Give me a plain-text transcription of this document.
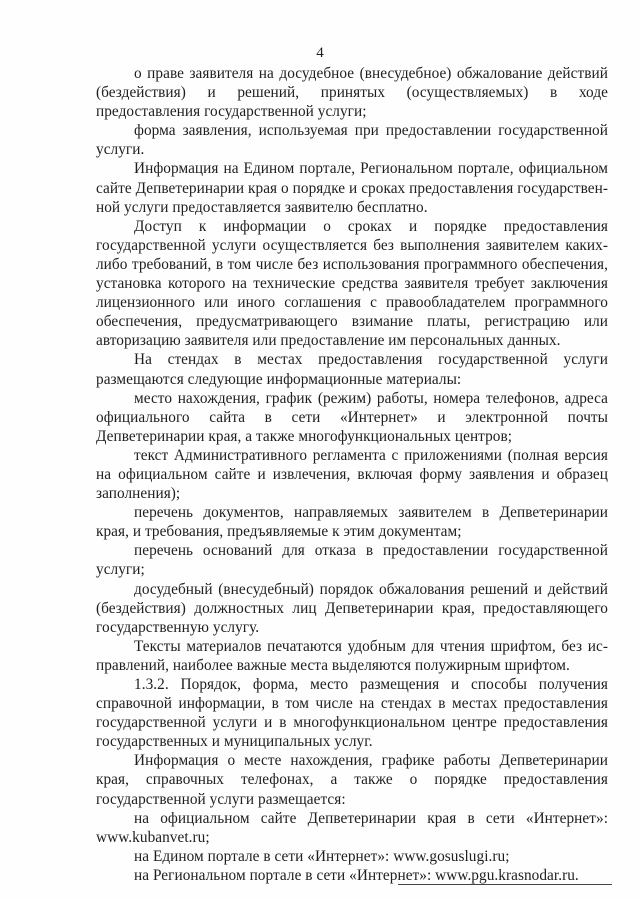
4

о праве заявителя на досудебное (внесудебное) обжалование действий (бездействия) и решений, принятых (осуществляемых) в ходе предоставления государственной услуги;

форма заявления, используемая при предоставлении государственной услуги.

Информация на Едином портале, Региональном портале, официальном сайте Депветеринарии края о порядке и сроках предоставления государственной услуги предоставляется заявителю бесплатно.

Доступ к информации о сроках и порядке предоставления государственной услуги осуществляется без выполнения заявителем каких-либо требований, в том числе без использования программного обеспечения, установка которого на технические средства заявителя требует заключения лицензионного или иного соглашения с правообладателем программного обеспечения, предусматривающего взимание платы, регистрацию или авторизацию заявителя или предоставление им персональных данных.

На стендах в местах предоставления государственной услуги размещаются следующие информационные материалы:

место нахождения, график (режим) работы, номера телефонов, адреса официального сайта в сети «Интернет» и электронной почты Депветеринарии края, а также многофункциональных центров;

текст Административного регламента с приложениями (полная версия на официальном сайте и извлечения, включая форму заявления и образец заполнения);

перечень документов, направляемых заявителем в Депветеринарии края, и требования, предъявляемые к этим документам;

перечень оснований для отказа в предоставлении государственной услуги;

досудебный (внесудебный) порядок обжалования решений и действий (бездействия) должностных лиц Депветеринарии края, предоставляющего государственную услугу.

Тексты материалов печатаются удобным для чтения шрифтом, без исправлений, наиболее важные места выделяются полужирным шрифтом.

1.3.2. Порядок, форма, место размещения и способы получения справочной информации, в том числе на стендах в местах предоставления государственной услуги и в многофункциональном центре предоставления государственных и муниципальных услуг.

Информация о месте нахождения, графике работы Депветеринарии края, справочных телефонах, а также о порядке предоставления государственной услуги размещается:

на официальном сайте Депветеринарии края в сети «Интернет»: www.kubanvet.ru;

на Едином портале в сети «Интернет»: www.gosuslugi.ru;

на Региональном портале в сети «Интернет»: www.pgu.krasnodar.ru.
